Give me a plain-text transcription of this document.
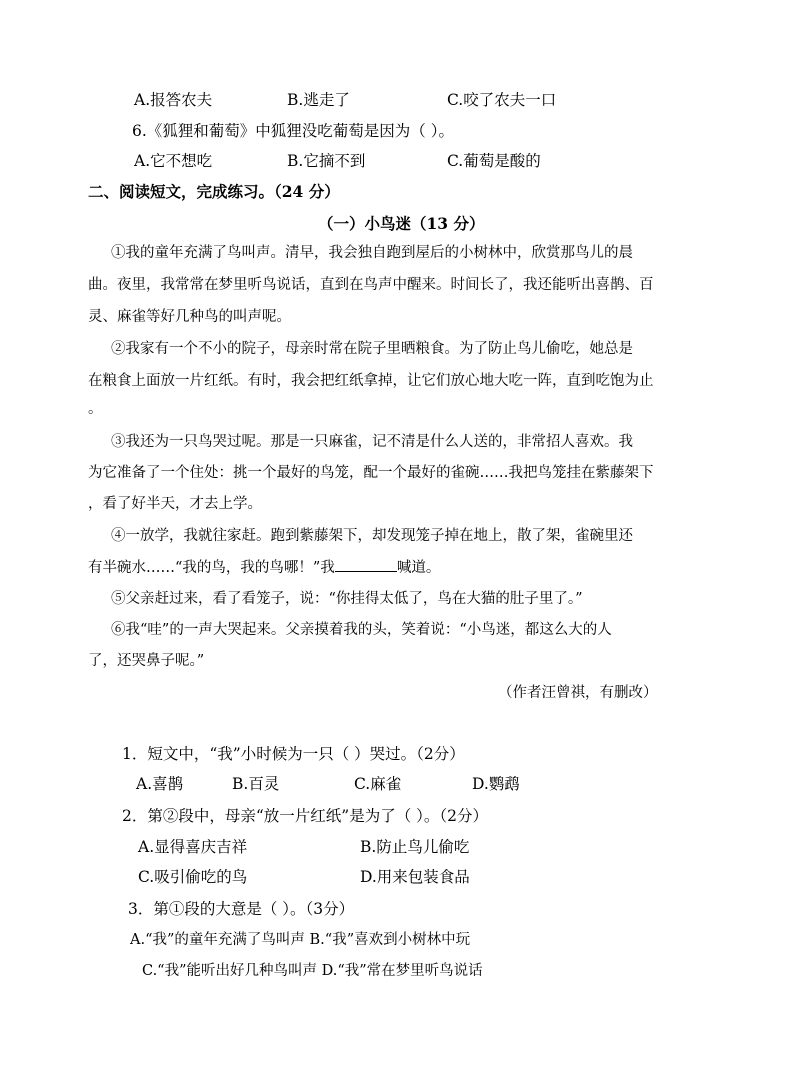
A.报答农夫	B.逃走了	C.咬了农夫一口
6.《狐狸和葡萄》中狐狸没吃葡萄是因为（ ）。
A.它不想吃	B.它摘不到	C.葡萄是酸的
二、阅读短文，完成练习。（24 分）
（一）小鸟迷（13 分）
①我的童年充满了鸟叫声。清早，我会独自跑到屋后的小树林中，欣赏那鸟儿的晨
曲。夜里，我常常在梦里听鸟说话，直到在鸟声中醒来。时间长了，我还能听出喜鹊、百
灵、麻雀等好几种鸟的叫声呢。
②我家有一个不小的院子，母亲时常在院子里晒粮食。为了防止鸟儿偷吃，她总是
在粮食上面放一片红纸。有时，我会把红纸拿掉，让它们放心地大吃一阵，直到吃饱为止
。
③我还为一只鸟哭过呢。那是一只麻雀，记不清是什么人送的，非常招人喜欢。我
为它准备了一个住处：挑一个最好的鸟笼，配一个最好的雀碗……我把鸟笼挂在紫藤架下
，看了好半天，才去上学。
④一放学，我就往家赶。跑到紫藤架下，却发现笼子掉在地上，散了架，雀碗里还
有半碗水……“我的鸟，我的鸟哪！”我	喊道。
⑤父亲赶过来，看了看笼子，说：“你挂得太低了，鸟在大猫的肚子里了。”
⑥我“哇”的一声大哭起来。父亲摸着我的头，笑着说：“小鸟迷，都这么大的人
了，还哭鼻子呢。”
（作者汪曾祺，有删改）
1．短文中，“我”小时候为一只（ ）哭过。（2分）
A.喜鹊	B.百灵	C.麻雀	D.鹦鹉
2．第②段中，母亲“放一片红纸”是为了（ ）。（2分）
A.显得喜庆吉祥	B.防止鸟儿偷吃
C.吸引偷吃的鸟	D.用来包装食品
3．第①段的大意是（ ）。（3分）
A.“我”的童年充满了鸟叫声 B.“我”喜欢到小树林中玩
C.“我”能听出好几种鸟叫声 D.“我”常在梦里听鸟说话
